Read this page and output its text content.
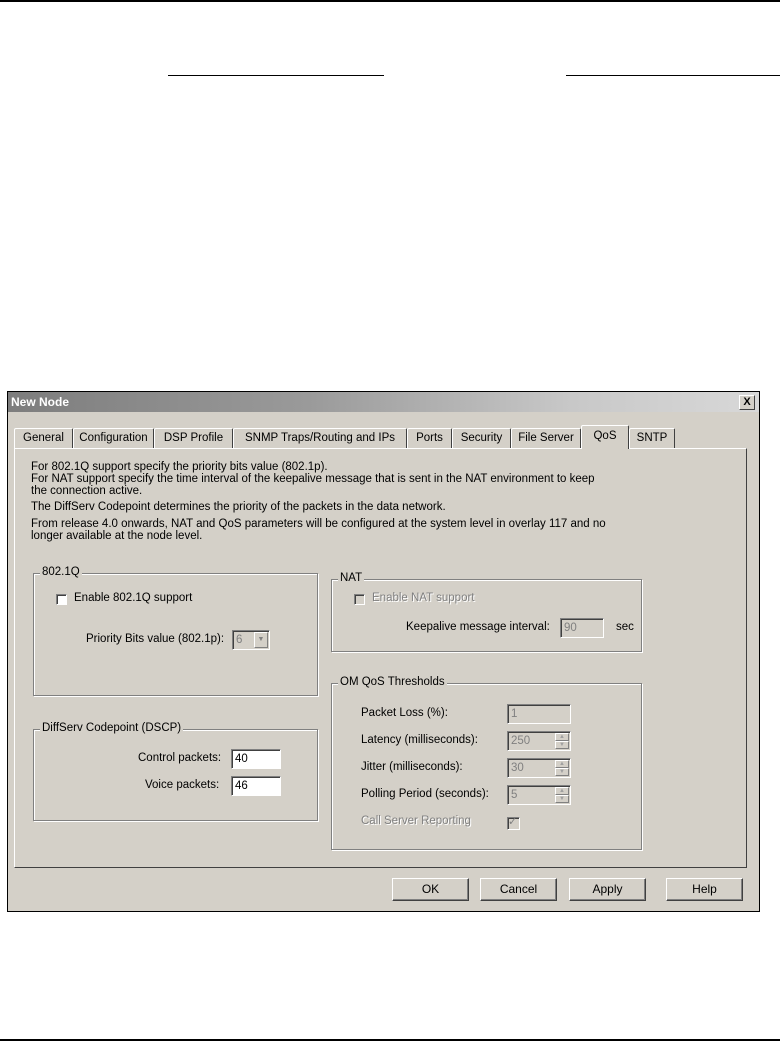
New Node	X
General	Configuration	DSP Profile	SNMP Traps/Routing and IPs	Ports	Security	File Server	QoS	SNTP
For 802.1Q support specify the priority bits value (802.1p).
For NAT support specify the time interval of the keepalive message that is sent in the NAT environment to keep
the connection active.
The DiffServ Codepoint determines the priority of the packets in the data network.
From release 4.0 onwards, NAT and QoS parameters will be configured at the system level in overlay 117 and no
longer available at the node level.
802.1Q
Enable 802.1Q support
Priority Bits value (802.1p):	6	▼
NAT
Enable NAT support
Keepalive message interval:	90	sec
DiffServ Codepoint (DSCP)
Control packets:	40
Voice packets:	46
OM QoS Thresholds
Packet Loss (%):	1
Latency (milliseconds):	250	▲
▼
Jitter (milliseconds):	30	▲
▼
Polling Period (seconds):	5	▲
▼
Call Server Reporting	✓
OK	Cancel	Apply	Help
